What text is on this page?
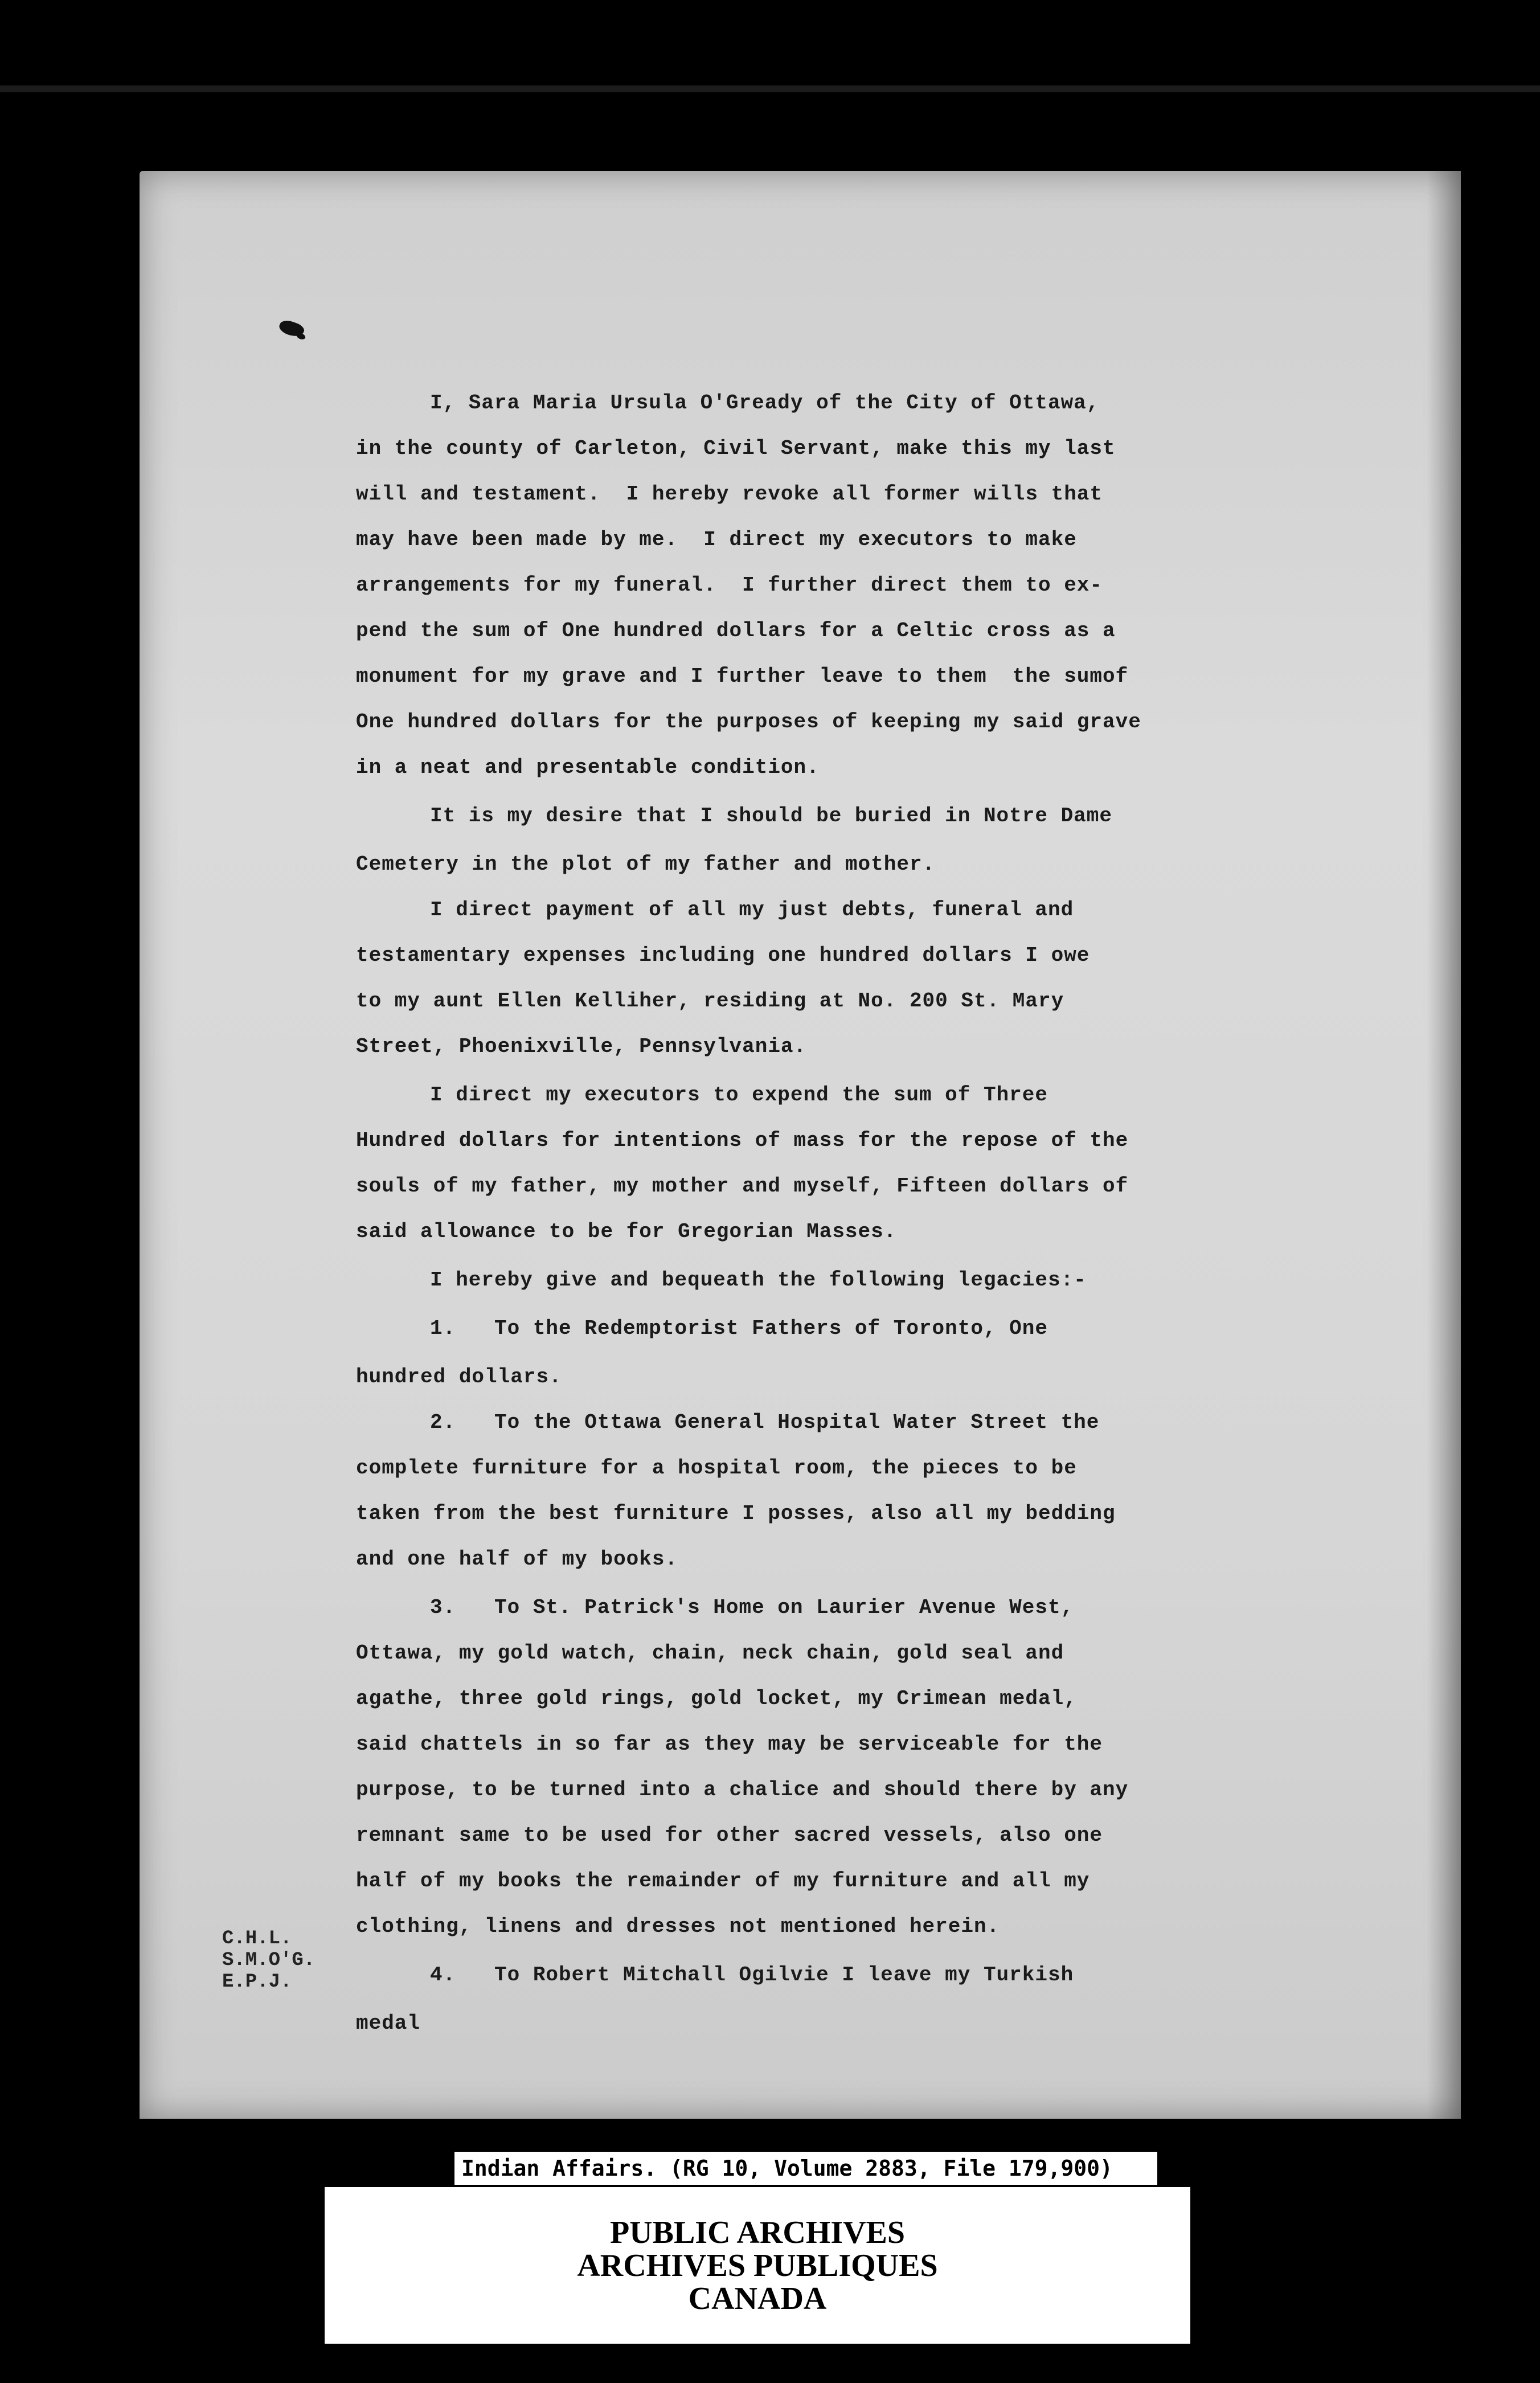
I, Sara Maria Ursula O'Gready of the City of Ottawa,
in the county of Carleton, Civil Servant, make this my last
will and testament.  I hereby revoke all former wills that
may have been made by me.  I direct my executors to make
arrangements for my funeral.  I further direct them to ex-
pend the sum of One hundred dollars for a Celtic cross as a
monument for my grave and I further leave to them  the sumof
One hundred dollars for the purposes of keeping my said grave
in a neat and presentable condition.
It is my desire that I should be buried in Notre Dame
Cemetery in the plot of my father and mother.
I direct payment of all my just debts, funeral and
testamentary expenses including one hundred dollars I owe
to my aunt Ellen Kelliher, residing at No. 200 St. Mary
Street, Phoenixville, Pennsylvania.
I direct my executors to expend the sum of Three
Hundred dollars for intentions of mass for the repose of the
souls of my father, my mother and myself, Fifteen dollars of
said allowance to be for Gregorian Masses.
I hereby give and bequeath the following legacies:-
1.   To the Redemptorist Fathers of Toronto, One
hundred dollars.
2.   To the Ottawa General Hospital Water Street the
complete furniture for a hospital room, the pieces to be
taken from the best furniture I posses, also all my bedding
and one half of my books.
3.   To St. Patrick's Home on Laurier Avenue West,
Ottawa, my gold watch, chain, neck chain, gold seal and
agathe, three gold rings, gold locket, my Crimean medal,
said chattels in so far as they may be serviceable for the
purpose, to be turned into a chalice and should there by any
remnant same to be used for other sacred vessels, also one
half of my books the remainder of my furniture and all my
clothing, linens and dresses not mentioned herein.
4.   To Robert Mitchall Ogilvie I leave my Turkish
medal
C.H.L.
S.M.O'G.
E.P.J.
Indian Affairs. (RG 10, Volume 2883, File 179,900)
PUBLIC ARCHIVES
ARCHIVES PUBLIQUES
CANADA
